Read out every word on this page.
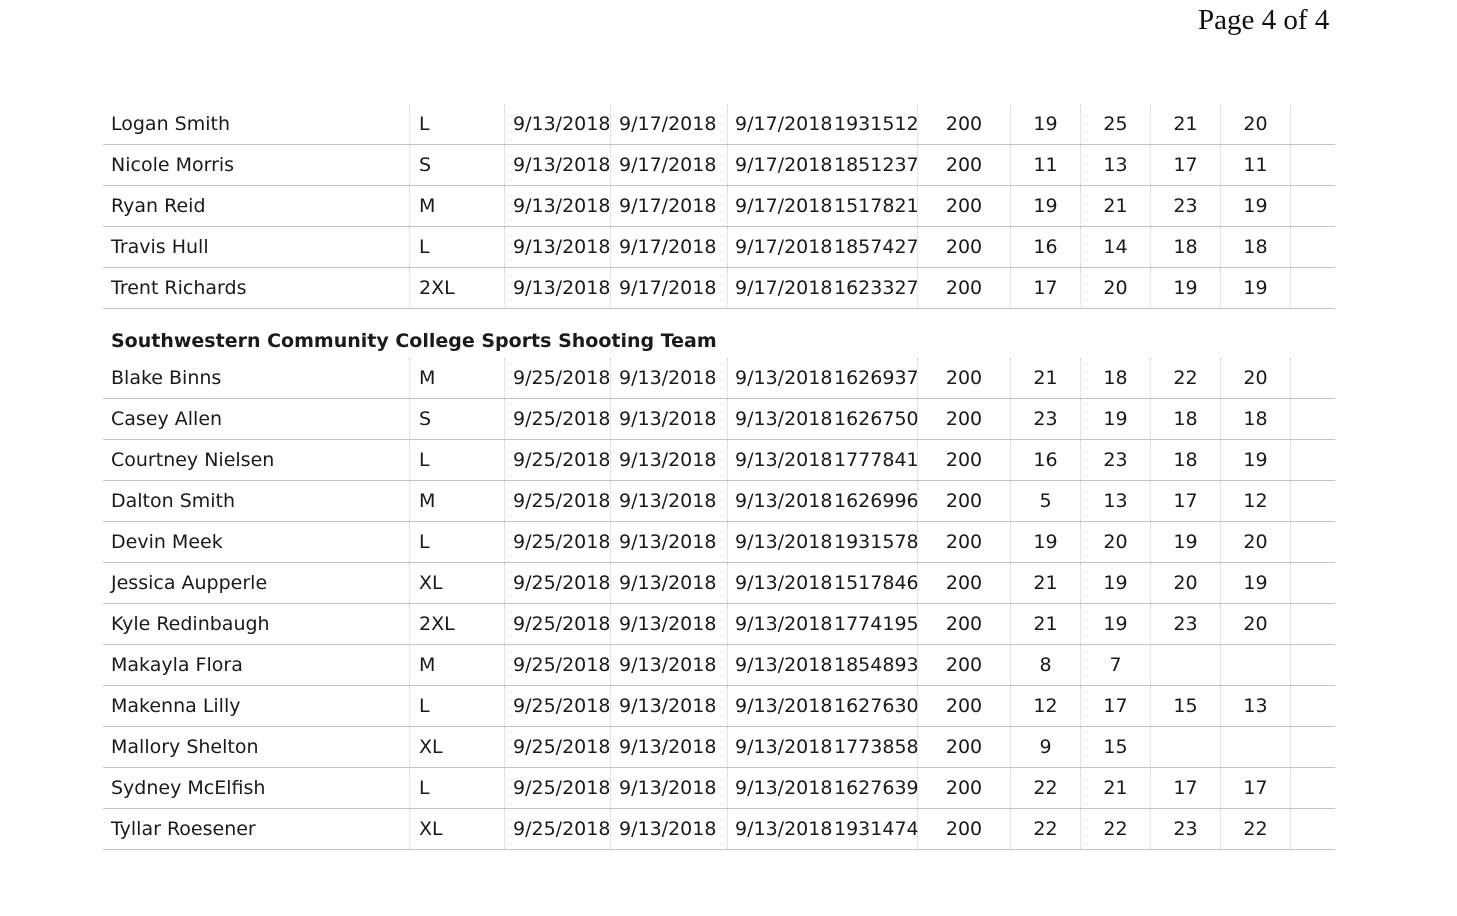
Page 4 of 4
Logan Smith	L	9/13/2018 9/17/2018 9/17/2018 1931512	200	19	25	21	20
Nicole Morris	S	9/13/2018 9/17/2018 9/17/2018 1851237	200	11	13	17	11
Ryan Reid	M	9/13/2018 9/17/2018 9/17/2018 1517821	200	19	21	23	19
Travis Hull	L	9/13/2018 9/17/2018 9/17/2018 1857427	200	16	14	18	18
Trent Richards	2XL	9/13/2018 9/17/2018 9/17/2018 1623327	200	17	20	19	19
Southwestern Community College Sports Shooting Team
Blake Binns	M	9/25/2018 9/13/2018 9/13/2018 1626937	200	21	18	22	20
Casey Allen	S	9/25/2018 9/13/2018 9/13/2018 1626750	200	23	19	18	18
Courtney Nielsen	L	9/25/2018 9/13/2018 9/13/2018 1777841	200	16	23	18	19
Dalton Smith	M	9/25/2018 9/13/2018 9/13/2018 1626996	200	5	13	17	12
Devin Meek	L	9/25/2018 9/13/2018 9/13/2018 1931578	200	19	20	19	20
Jessica Aupperle	XL	9/25/2018 9/13/2018 9/13/2018 1517846	200	21	19	20	19
Kyle Redinbaugh	2XL	9/25/2018 9/13/2018 9/13/2018 1774195	200	21	19	23	20
Makayla Flora	M	9/25/2018 9/13/2018 9/13/2018 1854893	200	8	7
Makenna Lilly	L	9/25/2018 9/13/2018 9/13/2018 1627630	200	12	17	15	13
Mallory Shelton	XL	9/25/2018 9/13/2018 9/13/2018 1773858	200	9	15
Sydney McElfish	L	9/25/2018 9/13/2018 9/13/2018 1627639	200	22	21	17	17
Tyllar Roesener	XL	9/25/2018 9/13/2018 9/13/2018 1931474	200	22	22	23	22
